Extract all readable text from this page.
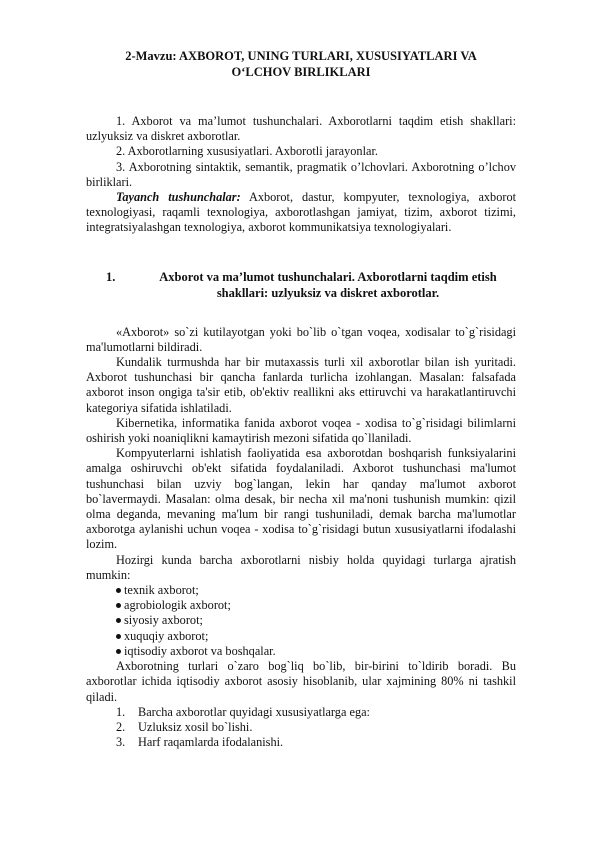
2-Mavzu: AXBOROT, UNING TURLARI, XUSUSIYATLARI VA
O‘LCHOV BIRLIKLARI

1. Axborot va ma’lumot tushunchalari. Axborotlarni taqdim etish shakllari: uzlyuksiz va diskret axborotlar.

2. Axborotlarning xususiyatlari. Axborotli jarayonlar.

3. Axborotning sintaktik, semantik, pragmatik o’lchovlari. Axborotning o’lchov birliklari.

Tayanch tushunchalar: Axborot, dastur, kompyuter, texnologiya, axborot texnologiyasi, raqamli texnologiya, axborotlashgan jamiyat, tizim, axborot tizimi, integratsiyalashgan texnologiya, axborot kommunikatsiya texnologiyalari.

1.	Axborot va ma’lumot tushunchalari. Axborotlarni taqdim etish
shakllari: uzlyuksiz va diskret axborotlar.

«Axborot» so`zi kutilayotgan yoki bo`lib o`tgan voqea, xodisalar to`g`risidagi ma'lumotlarni bildiradi.

Kundalik turmushda har bir mutaxassis turli xil axborotlar bilan ish yuritadi. Axborot tushunchasi bir qancha fanlarda turlicha izohlangan. Masalan: falsafada axborot inson ongiga ta'sir etib, ob'ektiv reallikni aks ettiruvchi va harakatlantiruvchi kategoriya sifatida ishlatiladi.

Kibernetika, informatika fanida axborot voqea - xodisa to`g`risidagi bilimlarni oshirish yoki noaniqlikni kamaytirish mezoni sifatida qo`llaniladi.

Kompyuterlarni ishlatish faoliyatida esa axborotdan boshqarish funksiyalarini amalga oshiruvchi ob'ekt sifatida foydalaniladi. Axborot tushunchasi ma'lumot tushunchasi bilan uzviy bog`langan, lekin har qanday ma'lumot axborot bo`lavermaydi. Masalan: olma desak, bir necha xil ma'noni tushunish mumkin: qizil olma deganda, mevaning ma'lum bir rangi tushuniladi, demak barcha ma'lumotlar axborotga aylanishi uchun voqea - xodisa to`g`risidagi butun xususiyatlarni ifodalashi lozim.

Hozirgi kunda barcha axborotlarni nisbiy holda quyidagi turlarga ajratish mumkin:

texnik axborot;
agrobiologik axborot;
siyosiy axborot;
xuquqiy axborot;
iqtisodiy axborot va boshqalar.

Axborotning turlari o`zaro bog`liq bo`lib, bir-birini to`ldirib boradi. Bu axborotlar ichida iqtisodiy axborot asosiy hisoblanib, ular xajmining 80% ni tashkil qiladi.

1. Barcha axborotlar quyidagi xususiyatlarga ega:
2. Uzluksiz xosil bo`lishi.
3. Harf raqamlarda ifodalanishi.
